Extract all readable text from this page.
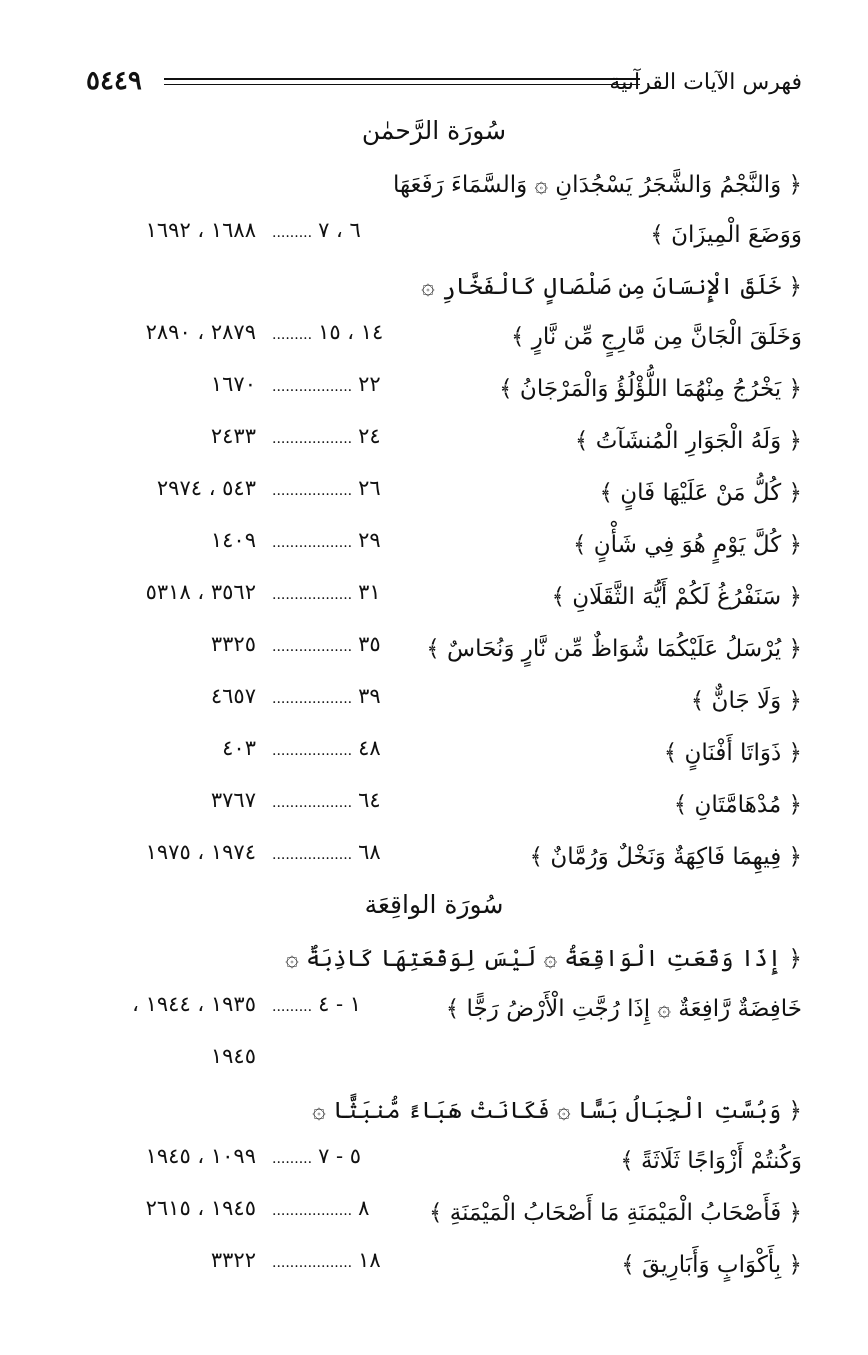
٥٤٤٩	فهرس الآيات القرآنية
سُورَة الرَّحمٰن
﴿ وَالنَّجْمُ وَالشَّجَرُ يَسْجُدَانِ ۞ وَالسَّمَاءَ رَفَعَهَا
وَوَضَعَ الْمِيزَانَ ﴾
......... ٦ ، ٧
١٦٨٨ ، ١٦٩٢
﴿ خَلَقَ الْإِنسَانَ مِن صَلْصَالٍ كَالْفَخَّارِ ۞
وَخَلَقَ الْجَانَّ مِن مَّارِجٍ مِّن نَّارٍ ﴾
......... ١٤ ، ١٥
٢٨٧٩ ، ٢٨٩٠
﴿ يَخْرُجُ مِنْهُمَا اللُّؤْلُؤُ وَالْمَرْجَانُ ﴾
.................. ٢٢
١٦٧٠
﴿ وَلَهُ الْجَوَارِ الْمُنشَآتُ ﴾
.................. ٢٤
٢٤٣٣
﴿ كُلُّ مَنْ عَلَيْهَا فَانٍ ﴾
.................. ٢٦
٥٤٣ ، ٢٩٧٤
﴿ كُلَّ يَوْمٍ هُوَ فِي شَأْنٍ ﴾
.................. ٢٩
١٤٠٩
﴿ سَنَفْرُغُ لَكُمْ أَيُّهَ الثَّقَلَانِ ﴾
.................. ٣١
٣٥٦٢ ، ٥٣١٨
﴿ يُرْسَلُ عَلَيْكُمَا شُوَاظٌ مِّن نَّارٍ وَنُحَاسٌ ﴾
.................. ٣٥
٣٣٢٥
﴿ وَلَا جَانٌّ ﴾
.................. ٣٩
٤٦٥٧
﴿ ذَوَاتَا أَفْنَانٍ ﴾
.................. ٤٨
٤٠٣
﴿ مُدْهَامَّتَانِ ﴾
.................. ٦٤
٣٧٦٧
﴿ فِيهِمَا فَاكِهَةٌ وَنَخْلٌ وَرُمَّانٌ ﴾
.................. ٦٨
١٩٧٤ ، ١٩٧٥
سُورَة الواقِعَة
﴿ إِذَا وَقَعَتِ الْوَاقِعَةُ ۞ لَيْسَ لِوَقْعَتِهَا كَاذِبَةٌ ۞
خَافِضَةٌ رَّافِعَةٌ ۞ إِذَا رُجَّتِ الْأَرْضُ رَجًّا ﴾
......... ١ - ٤
١٩٣٥ ، ١٩٤٤ ،
١٩٤٥
﴿ وَبُسَّتِ الْجِبَالُ بَسًّا ۞ فَكَانَتْ هَبَاءً مُّنبَثًّا ۞
وَكُنتُمْ أَزْوَاجًا ثَلَاثَةً ﴾
......... ٥ - ٧
١٠٩٩ ، ١٩٤٥
﴿ فَأَصْحَابُ الْمَيْمَنَةِ مَا أَصْحَابُ الْمَيْمَنَةِ ﴾
.................. ٨
١٩٤٥ ، ٢٦١٥
﴿ بِأَكْوَابٍ وَأَبَارِيقَ ﴾
.................. ١٨
٣٣٢٢
